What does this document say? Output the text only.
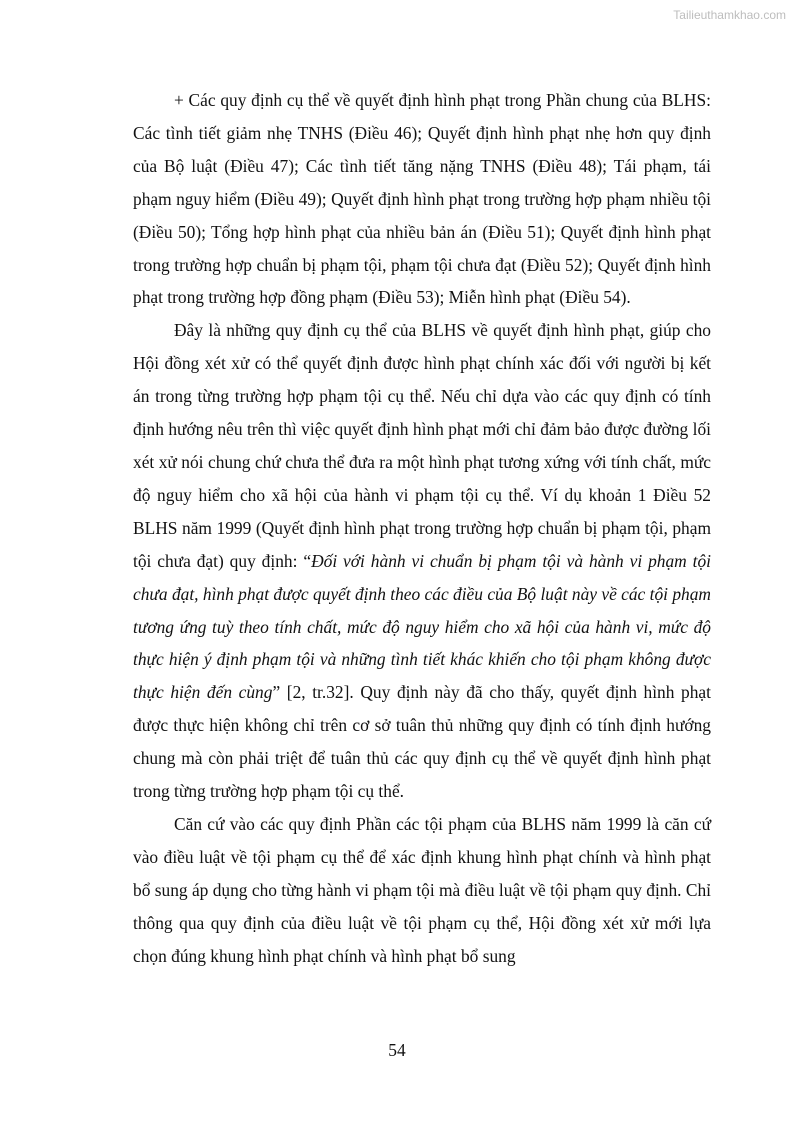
Tailieuthamkhao.com

+ Các quy định cụ thể về quyết định hình phạt trong Phần chung của BLHS: Các tình tiết giảm nhẹ TNHS (Điều 46); Quyết định hình phạt nhẹ hơn quy định của Bộ luật (Điều 47); Các tình tiết tăng nặng TNHS (Điều 48); Tái phạm, tái phạm nguy hiểm (Điều 49); Quyết định hình phạt trong trường hợp phạm nhiều tội (Điều 50); Tổng hợp hình phạt của nhiều bản án (Điều 51); Quyết định hình phạt trong trường hợp chuẩn bị phạm tội, phạm tội chưa đạt (Điều 52); Quyết định hình phạt trong trường hợp đồng phạm (Điều 53); Miễn hình phạt (Điều 54).

Đây là những quy định cụ thể của BLHS về quyết định hình phạt, giúp cho Hội đồng xét xử có thể quyết định được hình phạt chính xác đối với người bị kết án trong từng trường hợp phạm tội cụ thể. Nếu chỉ dựa vào các quy định có tính định hướng nêu trên thì việc quyết định hình phạt mới chỉ đảm bảo được đường lối xét xử nói chung chứ chưa thể đưa ra một hình phạt tương xứng với tính chất, mức độ nguy hiểm cho xã hội của hành vi phạm tội cụ thể. Ví dụ khoản 1 Điều 52 BLHS năm 1999 (Quyết định hình phạt trong trường hợp chuẩn bị phạm tội, phạm tội chưa đạt) quy định: “Đối với hành vi chuẩn bị phạm tội và hành vi phạm tội chưa đạt, hình phạt được quyết định theo các điều của Bộ luật này về các tội phạm tương ứng tuỳ theo tính chất, mức độ nguy hiểm cho xã hội của hành vi, mức độ thực hiện ý định phạm tội và những tình tiết khác khiến cho tội phạm không được thực hiện đến cùng” [2, tr.32]. Quy định này đã cho thấy, quyết định hình phạt được thực hiện không chỉ trên cơ sở tuân thủ những quy định có tính định hướng chung mà còn phải triệt để tuân thủ các quy định cụ thể về quyết định hình phạt trong từng trường hợp phạm tội cụ thể.

Căn cứ vào các quy định Phần các tội phạm của BLHS năm 1999 là căn cứ vào điều luật về tội phạm cụ thể để xác định khung hình phạt chính và hình phạt bổ sung áp dụng cho từng hành vi phạm tội mà điều luật về tội phạm quy định. Chỉ thông qua quy định của điều luật về tội phạm cụ thể, Hội đồng xét xử mới lựa chọn đúng khung hình phạt chính và hình phạt bổ sung

54
